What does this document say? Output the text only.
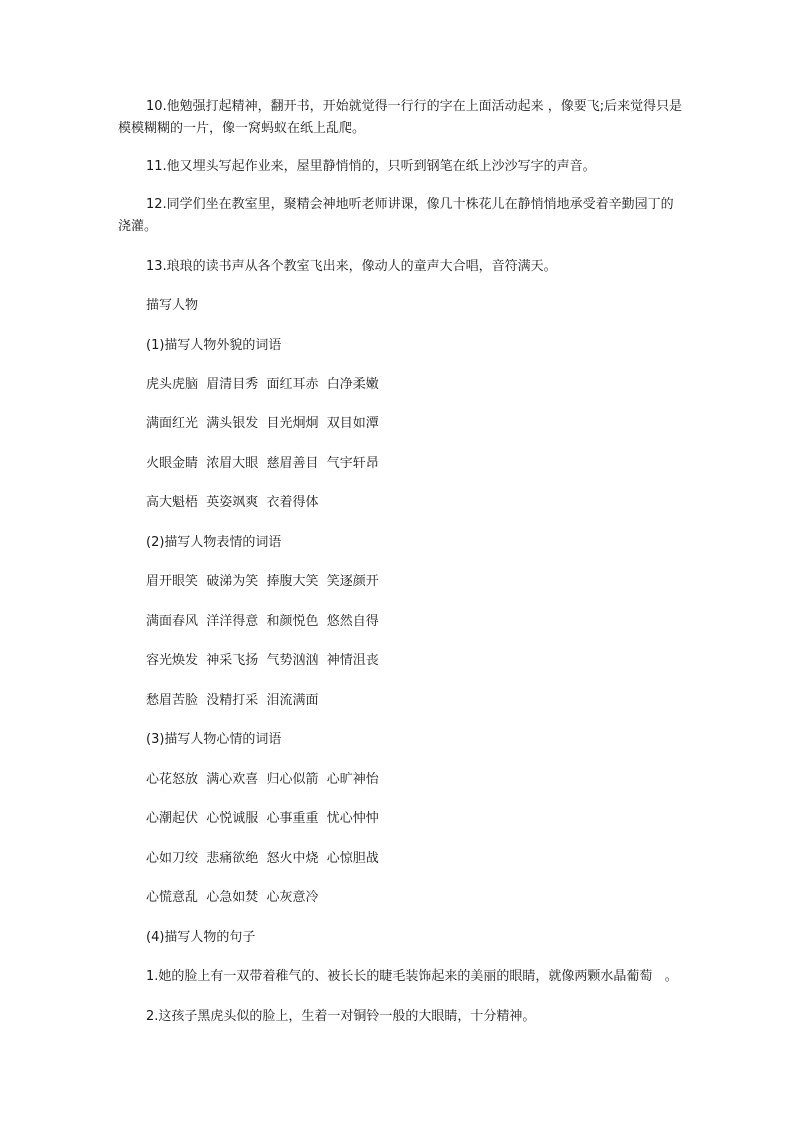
10.他勉强打起精神，翻开书，开始就觉得一行行的字在上面活动起来 ，像要飞;后来觉得只是模模糊糊的一片，像一窝蚂蚁在纸上乱爬。

11.他又埋头写起作业来，屋里静悄悄的，只听到钢笔在纸上沙沙写字的声音。

12.同学们坐在教室里，聚精会神地听老师讲课，像几十株花儿在静悄悄地承受着辛勤园丁的浇灌。

13.琅琅的读书声从各个教室飞出来，像动人的童声大合唱，音符满天。

描写人物

(1)描写人物外貌的词语

虎头虎脑  眉清目秀  面红耳赤  白净柔嫩

满面红光  满头银发  目光炯炯  双目如潭

火眼金睛  浓眉大眼  慈眉善目  气宇轩昂

高大魁梧  英姿飒爽  衣着得体

(2)描写人物表情的词语

眉开眼笑  破涕为笑  捧腹大笑  笑逐颜开

满面春风  洋洋得意  和颜悦色  悠然自得

容光焕发  神采飞扬  气势汹汹  神情沮丧

愁眉苦脸  没精打采  泪流满面

(3)描写人物心情的词语

心花怒放  满心欢喜  归心似箭  心旷神怡

心潮起伏  心悦诚服  心事重重  忧心忡忡

心如刀绞  悲痛欲绝  怒火中烧  心惊胆战

心慌意乱  心急如焚  心灰意冷

(4)描写人物的句子

1.她的脸上有一双带着稚气的、被长长的睫毛装饰起来的美丽的眼睛，就像两颗水晶葡萄   。

2.这孩子黑虎头似的脸上，生着一对铜铃一般的大眼睛，十分精神。
